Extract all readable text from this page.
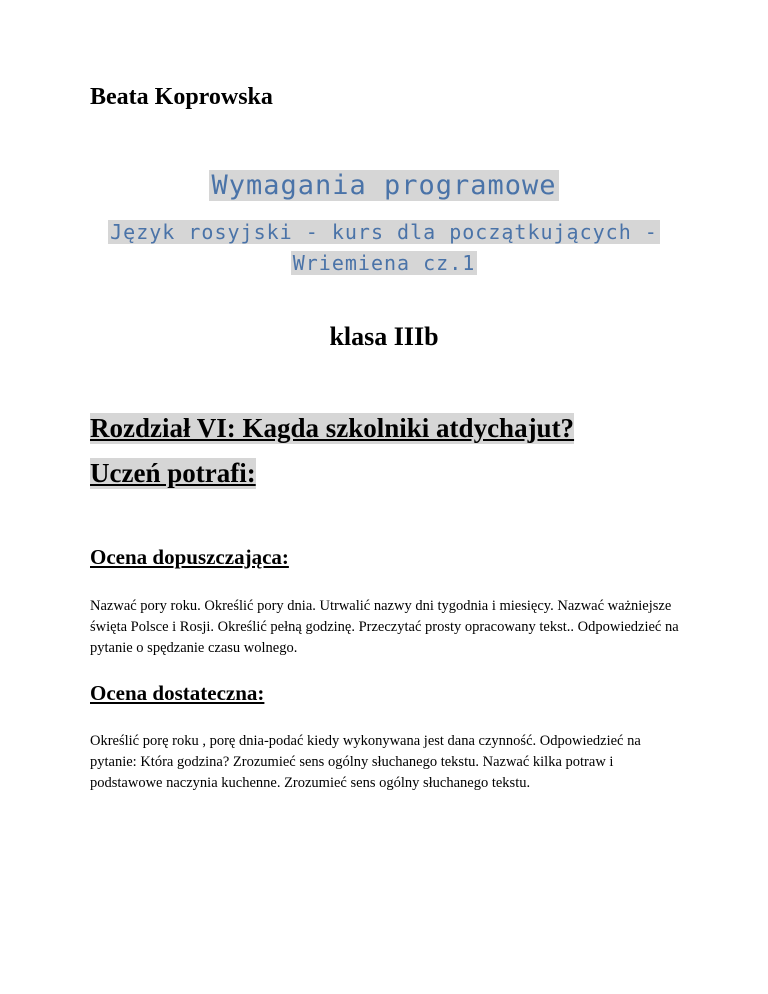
Beata Koprowska
Wymagania programowe
Język rosyjski - kurs dla początkujących -
Wriemiena cz.1
klasa IIIb
Rozdział VI: Kagda szkolniki atdychajut?
Uczeń potrafi:
Ocena dopuszczająca:
Nazwać pory roku. Określić pory dnia. Utrwalić nazwy dni tygodnia i miesięcy. Nazwać ważniejsze święta Polsce i Rosji. Określić pełną godzinę. Przeczytać prosty opracowany tekst.. Odpowiedzieć na pytanie o spędzanie czasu wolnego.
Ocena dostateczna:
Określić porę roku , porę dnia-podać kiedy wykonywana jest dana czynność. Odpowiedzieć na pytanie: Która godzina? Zrozumieć sens ogólny słuchanego tekstu. Nazwać kilka potraw i podstawowe naczynia kuchenne. Zrozumieć sens ogólny słuchanego tekstu.
